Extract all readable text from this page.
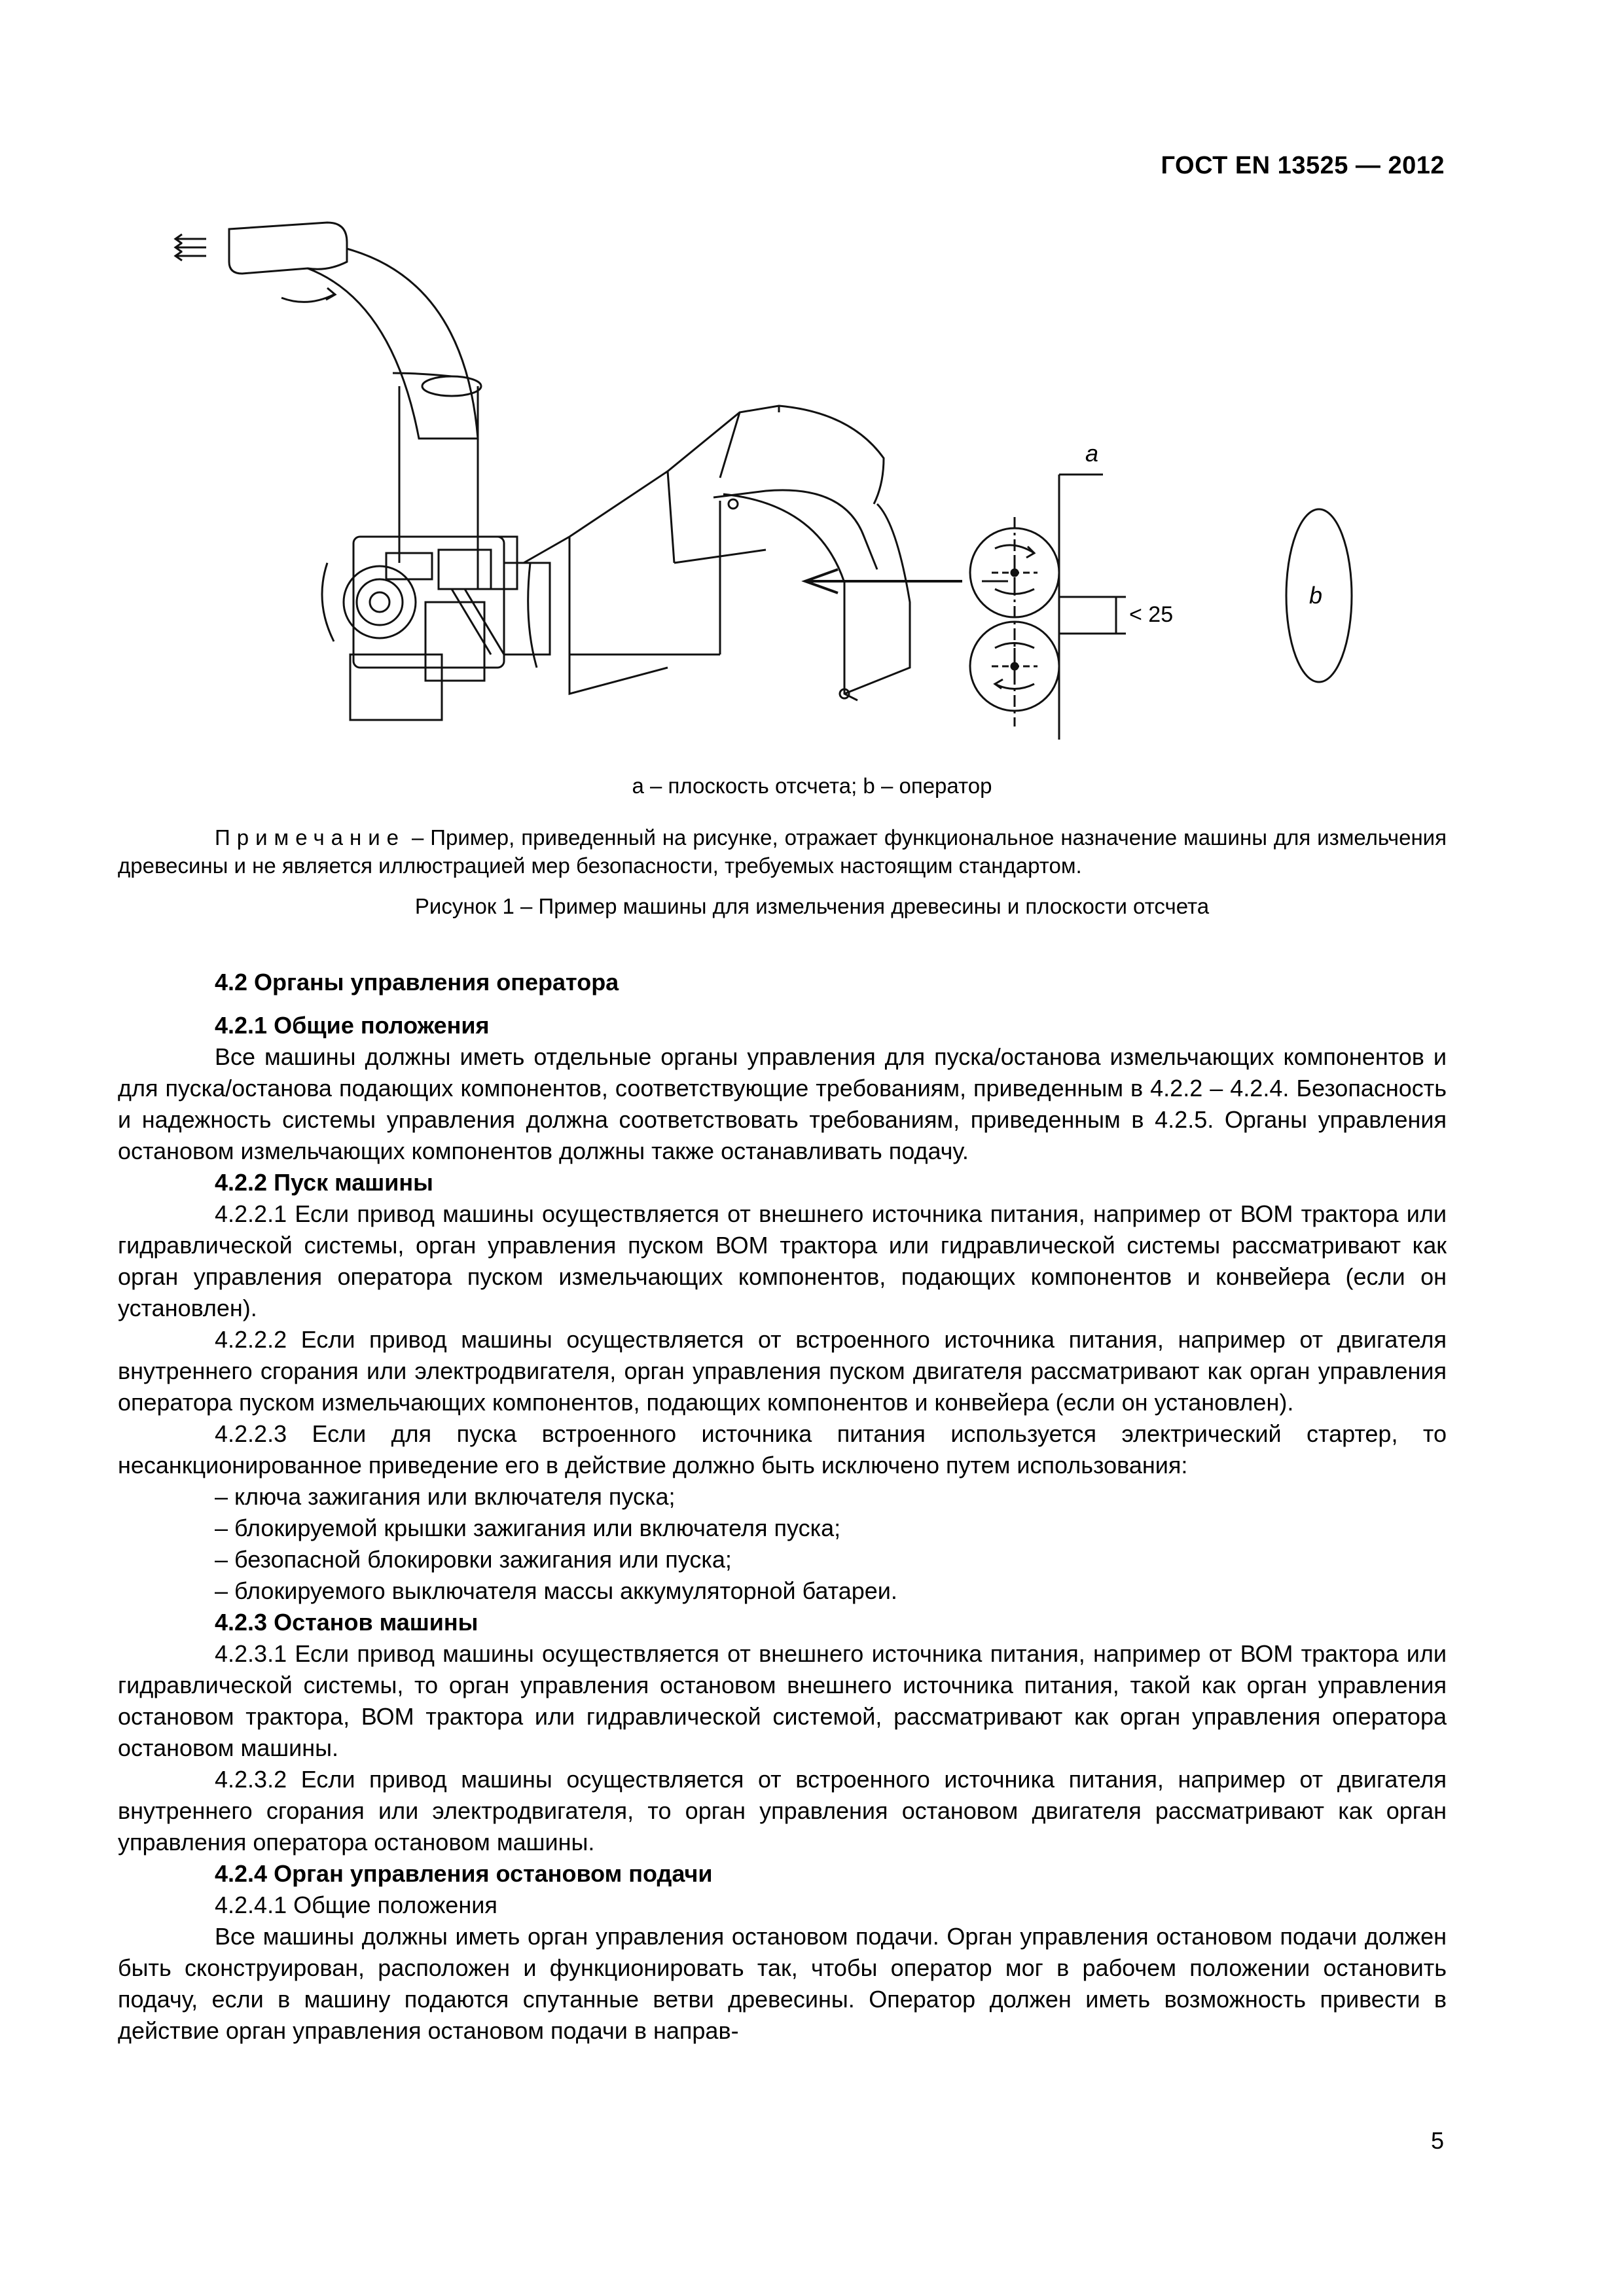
ГОСТ EN 13525 — 2012
a
< 25
b
a – плоскость отсчета; b – оператор
Примечание – Пример, приведенный на рисунке, отражает функциональное назначение машины для измельчения древесины и не является иллюстрацией мер безопасности, требуемых настоящим стандартом.
Рисунок 1 – Пример машины для измельчения древесины и плоскости отсчета

4.2 Органы управления оператора

4.2.1 Общие положения

Все машины должны иметь отдельные органы управления для пуска/останова измельчающих компонентов и для пуска/останова подающих компонентов, соответствующие требованиям, приведенным в 4.2.2 – 4.2.4. Безопасность и надежность системы управления должна соответствовать требованиям, приведенным в 4.2.5. Органы управления остановом измельчающих компонентов должны также останавливать подачу.

4.2.2 Пуск машины

4.2.2.1 Если привод машины осуществляется от внешнего источника питания, например от ВОМ трактора или гидравлической системы, орган управления пуском ВОМ трактора или гидравлической системы рассматривают как орган управления оператора пуском измельчающих компонентов, подающих компонентов и конвейера (если он установлен).

4.2.2.2 Если привод машины осуществляется от встроенного источника питания, например от двигателя внутреннего сгорания или электродвигателя, орган управления пуском двигателя рассматривают как орган управления оператора пуском измельчающих компонентов, подающих компонентов и конвейера (если он установлен).

4.2.2.3 Если для пуска встроенного источника питания используется электрический стартер, то несанкционированное приведение его в действие должно быть исключено путем использования:

– ключа зажигания или включателя пуска;

– блокируемой крышки зажигания или включателя пуска;

– безопасной блокировки зажигания или пуска;

– блокируемого выключателя массы аккумуляторной батареи.

4.2.3 Останов машины

4.2.3.1 Если привод машины осуществляется от внешнего источника питания, например от ВОМ трактора или гидравлической системы, то орган управления остановом внешнего источника питания, такой как орган управления остановом трактора, ВОМ трактора или гидравлической системой, рассматривают как орган управления оператора остановом машины.

4.2.3.2 Если привод машины осуществляется от встроенного источника питания, например от двигателя внутреннего сгорания или электродвигателя, то орган управления остановом двигателя рассматривают как орган управления оператора остановом машины.

4.2.4 Орган управления остановом подачи

4.2.4.1 Общие положения

Все машины должны иметь орган управления остановом подачи. Орган управления остановом подачи должен быть сконструирован, расположен и функционировать так, чтобы оператор мог в рабочем положении остановить подачу, если в машину подаются спутанные ветви древесины. Оператор должен иметь возможность привести в действие орган управления остановом подачи в направ-

5
